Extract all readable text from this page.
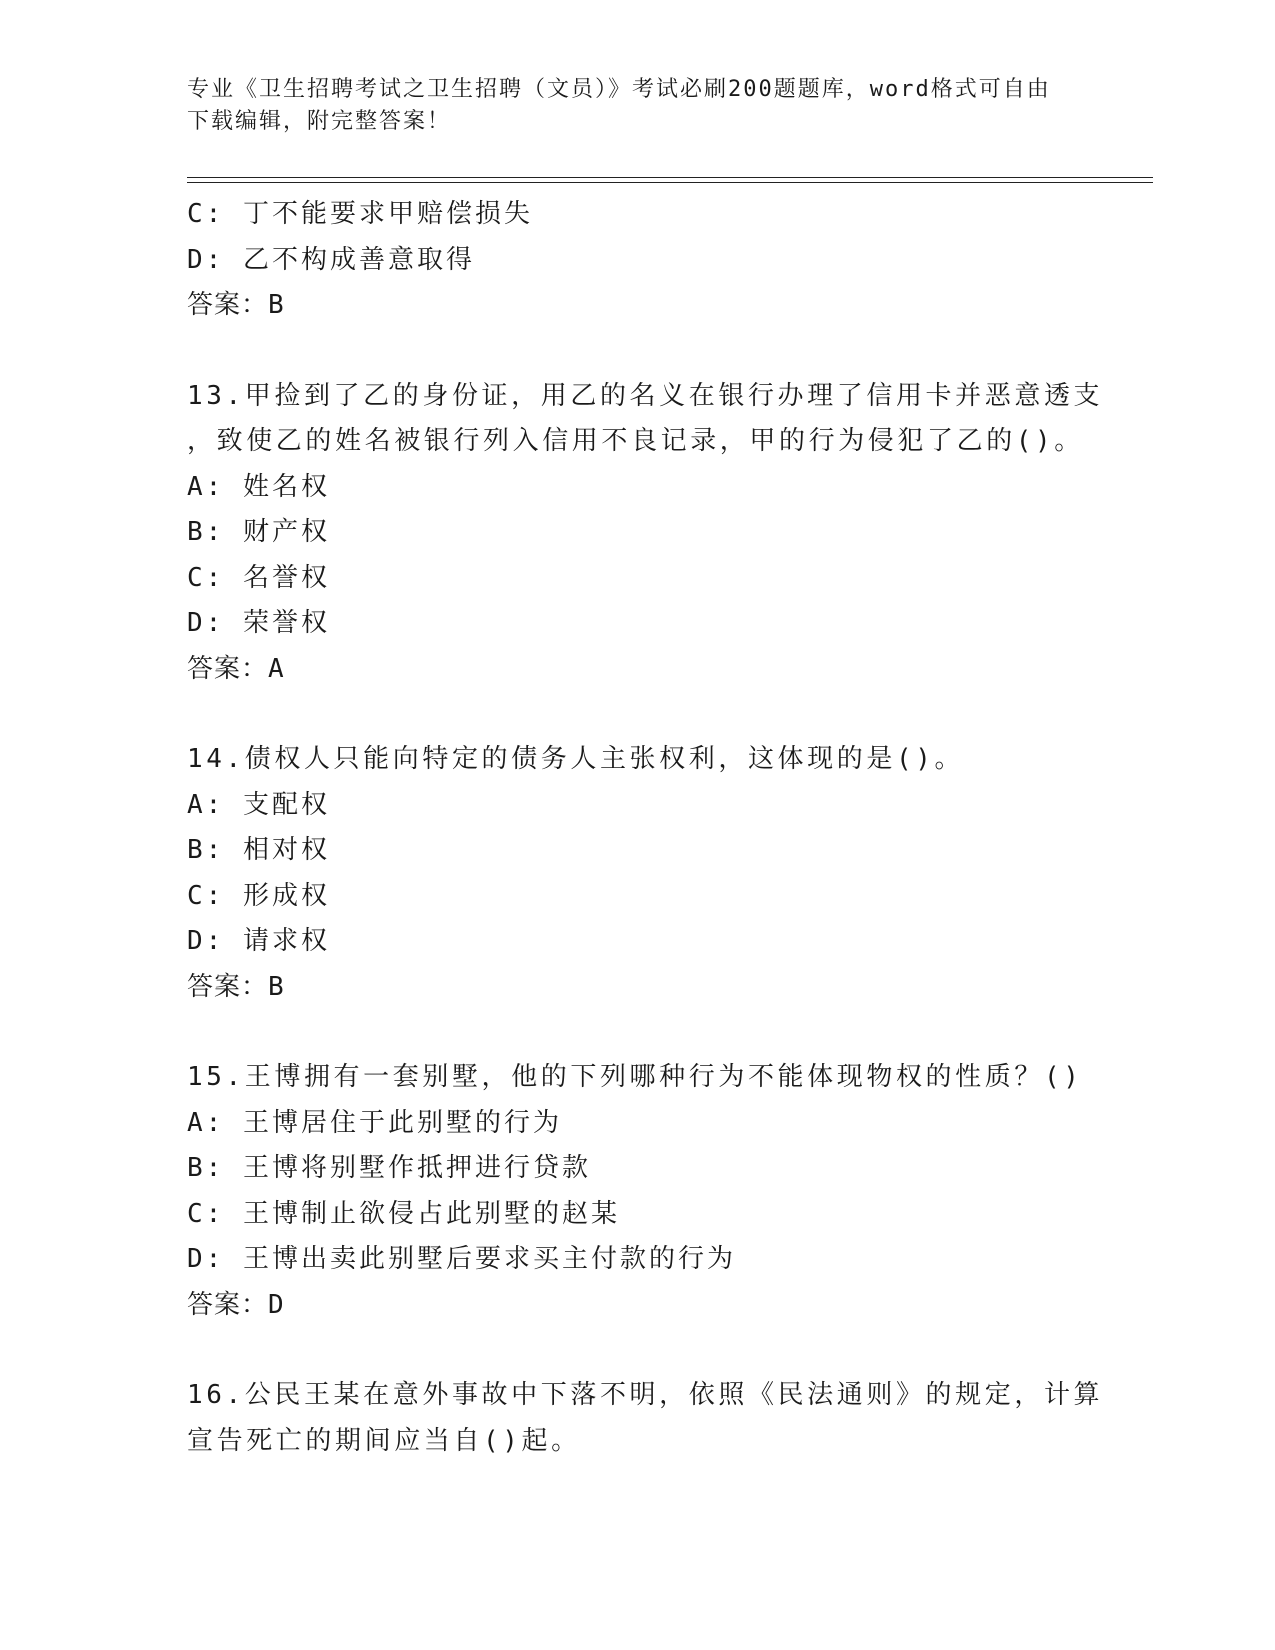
专业《卫生招聘考试之卫生招聘（文员）》考试必刷200题题库，word格式可自由下载编辑，附完整答案！
C: 丁不能要求甲赔偿损失
D: 乙不构成善意取得
答案：B
13.甲捡到了乙的身份证，用乙的名义在银行办理了信用卡并恶意透支
，致使乙的姓名被银行列入信用不良记录，甲的行为侵犯了乙的()。
A: 姓名权
B: 财产权
C: 名誉权
D: 荣誉权
答案：A
14.债权人只能向特定的债务人主张权利，这体现的是()。
A: 支配权
B: 相对权
C: 形成权
D: 请求权
答案：B
15.王博拥有一套别墅，他的下列哪种行为不能体现物权的性质？()
A: 王博居住于此别墅的行为
B: 王博将别墅作抵押进行贷款
C: 王博制止欲侵占此别墅的赵某
D: 王博出卖此别墅后要求买主付款的行为
答案：D
16.公民王某在意外事故中下落不明，依照《民法通则》的规定，计算
宣告死亡的期间应当自()起。
